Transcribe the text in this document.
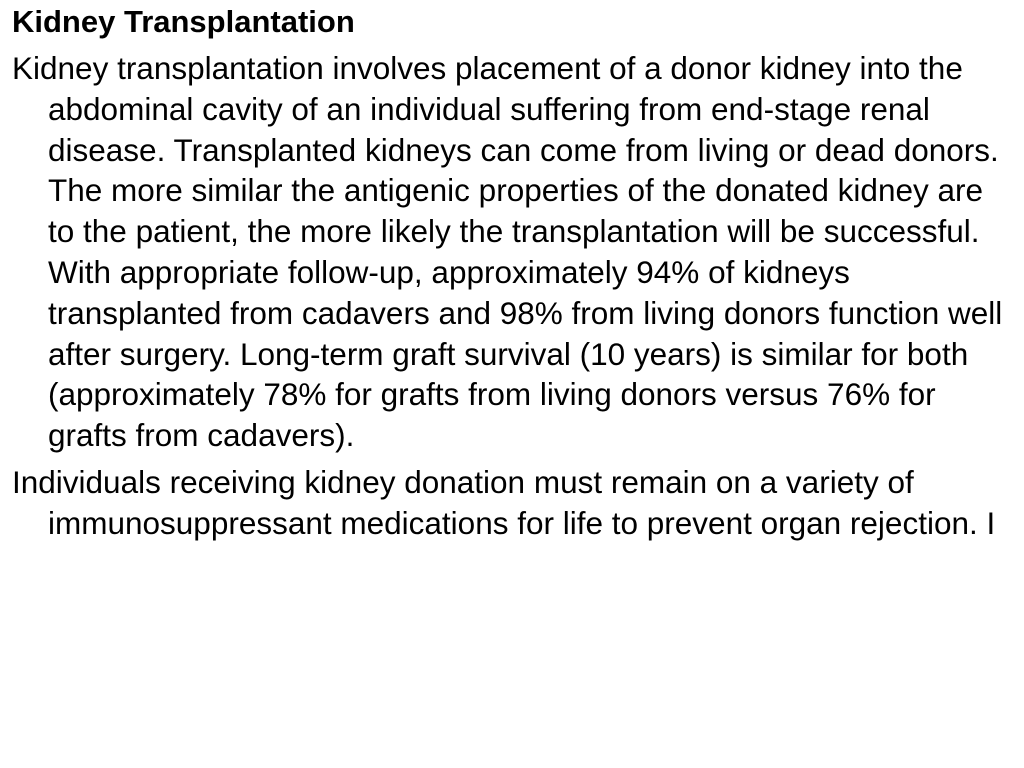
Kidney Transplantation
Kidney transplantation involves placement of a donor kidney into the abdominal cavity of an individual suffering from end-stage renal disease. Transplanted kidneys can come from living or dead donors. The more similar the antigenic properties of the donated kidney are to the patient, the more likely the transplantation will be successful. With appropriate follow-up, approximately 94% of kidneys transplanted from cadavers and 98% from living donors function well after surgery. Long-term graft survival (10 years) is similar for both (approximately 78% for grafts from living donors versus 76% for grafts from cadavers).
Individuals receiving kidney donation must remain on a variety of immunosuppressant medications for life to prevent organ rejection. I
